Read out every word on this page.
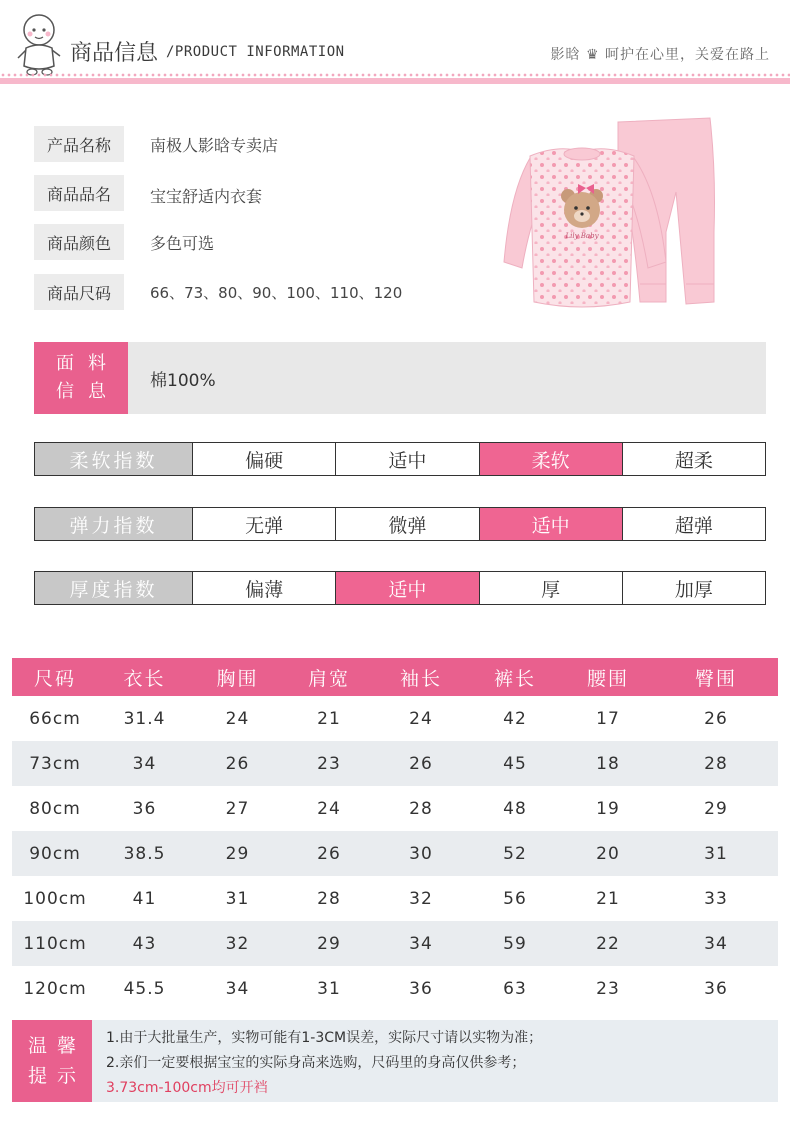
商品信息 /PRODUCT INFORMATION	影晗 ♛ 呵护在心里，关爱在路上
产品名称	南极人影晗专卖店
商品品名	宝宝舒适内衣套
商品颜色	多色可选
商品尺码	66、73、80、90、100、110、120
Lily Baby
面料
信息
棉100%
柔软指数	偏硬	适中	柔软	超柔
弹力指数	无弹	微弹	适中	超弹
厚度指数	偏薄	适中	厚	加厚
尺码	衣长	胸围	肩宽	袖长	裤长	腰围	臀围
66cm	31.4	24	21	24	42	17	26
73cm	34	26	23	26	45	18	28
80cm	36	27	24	28	48	19	29
90cm	38.5	29	26	30	52	20	31
100cm	41	31	28	32	56	21	33
110cm	43	32	29	34	59	22	34
120cm	45.5	34	31	36	63	23	36
温馨
提示

1.由于大批量生产，实物可能有1-3CM误差，实际尺寸请以实物为准；

2.亲们一定要根据宝宝的实际身高来选购，尺码里的身高仅供参考；

3.73cm-100cm均可开裆
